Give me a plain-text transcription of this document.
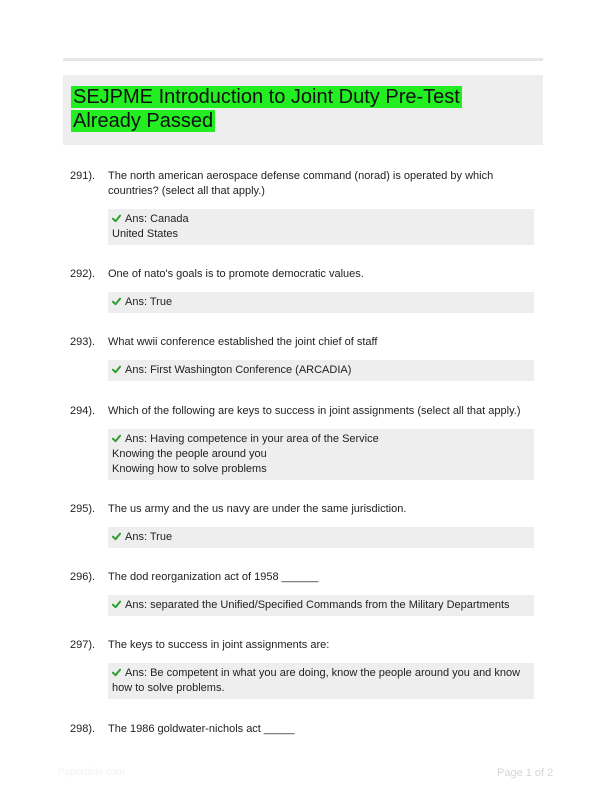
SEJPME Introduction to Joint Duty Pre-Test Already Passed
291). The north american aerospace defense command (norad) is operated by which countries? (select all that apply.)
Ans: Canada
United States
292). One of nato's goals is to promote democratic values.
Ans: True
293). What wwii conference established the joint chief of staff
Ans: First Washington Conference (ARCADIA)
294). Which of the following are keys to success in joint assignments (select all that apply.)
Ans: Having competence in your area of the Service
Knowing the people around you
Knowing how to solve problems
295). The us army and the us navy are under the same jurisdiction.
Ans: True
296). The dod reorganization act of 1958 ______
Ans: separated the Unified/Specified Commands from the Military Departments
297). The keys to success in joint assignments are:
Ans: Be competent in what you are doing, know the people around you and know how to solve problems.
298). The 1986 goldwater-nichols act _____
Papertible.com	Page 1 of 2
